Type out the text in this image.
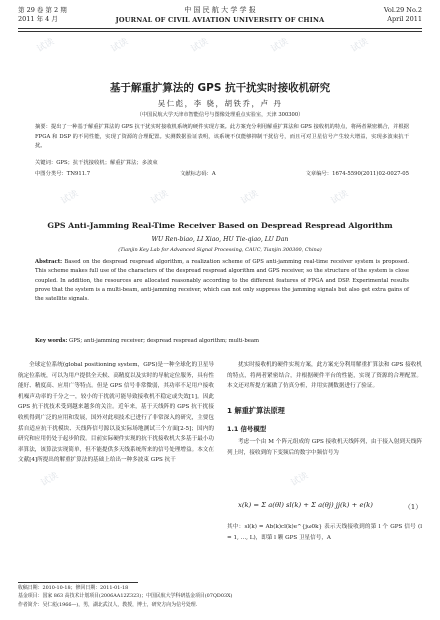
试读	试读	试读	试读	试读
试读	试读	试读	试读
试读	试读
第 29 卷 第 2 期
2011 年 4 月
中 国 民 航 大 学 学 报
JOURNAL OF CIVIL AVIATION UNIVERSITY OF CHINA
Vol.29 No.2
April 2011
基于解重扩算法的 GPS 抗干扰实时接收机研究
吴仁彪，李 骁，胡铁乔，卢 丹
（中国民航大学天津市智能信号与图像处理重点实验室，天津 300300）
摘要：提出了一种基于解重扩算法的 GPS 抗干扰实时接收机系统的硬件实现方案。此方案充分利用解重扩算法和 GPS 接收机的特点，将两者紧密耦合，并根据 FPGA 和 DSP 的不同性能，实现了资源的合理配置。实测数据验证表明，该系统不仅能够抑制干扰信号，而且可对卫星信号产生较大增益，实现多波束抗干扰。
关键词：GPS；抗干扰接收机；解重扩算法；多波束
中图分类号：TN911.7	文献标志码：A	文章编号：1674-5590(2011)02-0027-05
GPS Anti-Jamming Real-Time Receiver Based on Despread Respread Algorithm
WU Ren-biao, LI Xiao, HU Tie-qiao, LU Dan
(Tianjin Key Lab for Advanced Signal Processing, CAUC, Tianjin 300300, China)
Abstract: Based on the despread respread algorithm, a realization scheme of GPS anti-jamming real-time receiver system is proposed. This scheme makes full use of the characters of the despread respread algorithm and GPS receiver, so the structure of the system is close coupled. In addition, the resources are allocated reasonably according to the different features of FPGA and DSP. Experimental results prove that the system is a multi-beam, anti-jamming receiver, which can not only suppress the jamming signals but also get extra gains of the satellite signals.
Key words: GPS; anti-jamming receiver; despread respread algorithm; multi-beam
全球定位系统(global positioning system，GPS)是一种全球化的卫星导航定位系统，可以为用户提供全天候、高精度以及实时的导航定位服务，具有性能好、精度高、应用广等特点。但是 GPS 信号非常微弱，其功率不足用户接收机噪声功率的千分之一，较小的干扰就可能导致接收机不稳定或失效[1]。因此 GPS 抗干扰技术受到越来越多的关注。近年来，基于天线阵的 GPS 抗干扰接收机得到广泛的应用和发展，国外对此项技术已进行了非常深入的研究，主要包括自适应抗干扰模块、天线阵信号源以及实际场地测试三个方面[2-5]；国内的研究和应用仍处于起步阶段。目前实际硬件实现的抗干扰接收机大多基于最小功率算法，该算法实现简单，但不能提供多天线系统所来的信号处理增益。本文在文献[4]所提出的解重扩算法的基础上给出一种多波束 GPS 抗干
扰实时接收机的硬件实现方案，此方案充分利用解重扩算法和 GPS 接收机的特点，将两者紧密结合，并根据硬件平台的性能，实现了资源的合理配置。本文还对所提方案做了仿真分析，并用实测数据进行了验证。
1 解重扩算法原理
1.1 信号模型
考虑一个由 M 个阵元组成的 GPS 接收机天线阵列，由于接入射到天线阵列上时，接收到的下变频后的数字中频信号为
x(k) = Σ a(θl) sl(k) + Σ a(θj) jj(k) + e(k)	（1）
其中：sl(k) = Ab(k)cl(k)e^{jω0k} 表示天线接收到的第 l 个 GPS 信号 (l = 1, …, L)，即第 l 颗 GPS 卫星信号，A
收稿日期：2010-10-18；修回日期：2011-01-18
基金项目：国家 863 高技术计划项目(2006AA12Z323)；中国民航大学科研基金项目(07QD03X)
作者简介：吴仁彪(1966—)，男，湖北武汉人，教授，博士，研究方向为信号处理.
